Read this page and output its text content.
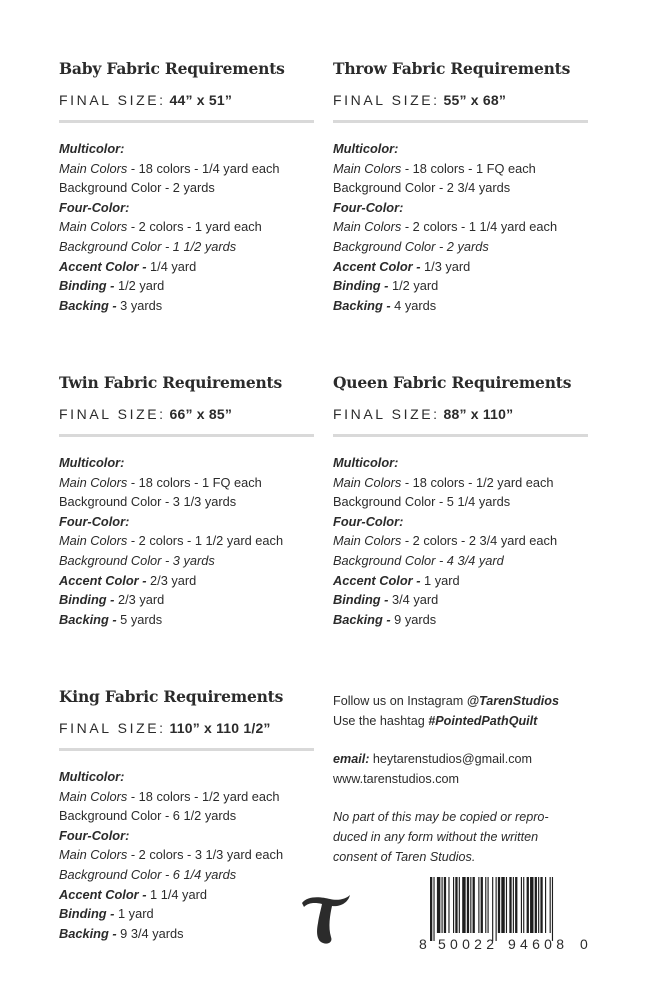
Baby Fabric Requirements
FINAL SIZE: 44” x 51”
Multicolor:
Main Colors - 18 colors - 1/4 yard each
Background Color - 2 yards
Four-Color:
Main Colors - 2 colors - 1 yard each
Background Color - 1 1/2 yards
Accent Color - 1/4 yard
Binding - 1/2 yard
Backing - 3 yards
Throw Fabric Requirements
FINAL SIZE: 55” x 68”
Multicolor:
Main Colors - 18 colors - 1 FQ each
Background Color - 2 3/4 yards
Four-Color:
Main Colors - 2 colors - 1 1/4 yard each
Background Color - 2 yards
Accent Color - 1/3 yard
Binding - 1/2 yard
Backing - 4 yards
Twin Fabric Requirements
FINAL SIZE: 66” x 85”
Multicolor:
Main Colors - 18 colors - 1 FQ each
Background Color - 3 1/3 yards
Four-Color:
Main Colors - 2 colors - 1 1/2 yard each
Background Color - 3 yards
Accent Color - 2/3 yard
Binding - 2/3 yard
Backing - 5 yards
Queen Fabric Requirements
FINAL SIZE: 88” x 110”
Multicolor:
Main Colors - 18 colors - 1/2 yard each
Background Color - 5 1/4 yards
Four-Color:
Main Colors - 2 colors - 2 3/4 yard each
Background Color - 4 3/4 yard
Accent Color - 1 yard
Binding - 3/4 yard
Backing - 9 yards
King Fabric Requirements
FINAL SIZE: 110” x 110 1/2”
Multicolor:
Main Colors - 18 colors - 1/2 yard each
Background Color - 6 1/2 yards
Four-Color:
Main Colors - 2 colors - 3 1/3 yard each
Background Color - 6 1/4 yards
Accent Color - 1 1/4 yard
Binding - 1 yard
Backing - 9 3/4 yards
Follow us on Instagram @TarenStudios
Use the hashtag #PointedPathQuilt
email: heytarenstudios@gmail.com
www.tarenstudios.com
No part of this may be copied or repro-
duced in any form without the written
consent of Taren Studios.
8 50022 94608 0
